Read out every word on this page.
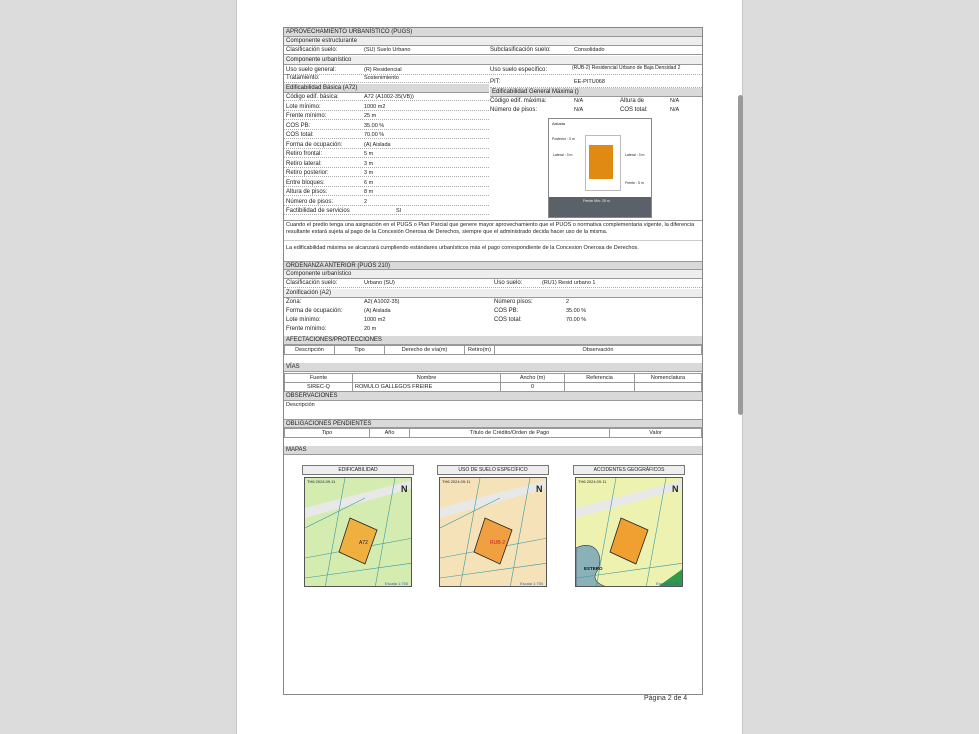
APROVECHAMIENTO URBANÍSTICO (PUGS)
Componente estructurante
Clasificación suelo:	(SU) Suelo Urbano	Subclasificación suelo:	Consolidado
Componente urbanístico
Uso suelo general:	(R) Residencial	Uso suelo específico:	(RUB-2) Residencial Urbano de Baja Densidad 2
Tratamiento:	Sostenimiento
PIT:	EE-PITU068
Edificabilidad Básica (A72)
Código edif. básica:	A72 (A1002-35(VB))
Lote mínimo:	1000 m2
Frente mínimo:	25 m
COS PB:	35.00 %
COS total:	70.00 %
Forma de ocupación:	(A) Aislada
Retiro frontal:	5 m
Retiro lateral:	3 m
Retiro posterior:	3 m
Entre bloques:	6 m
Altura de pisos:	8 m
Número de pisos:	2
Factibilidad de servicios	SI
Edificabilidad General Máxima ()
Código edif. máxima:	N/A	Altura de	N/A
Número de pisos:	N/A	COS total:	N/A
Aislada
Posterior : 3 m
Lateral : 3 m	Lateral : 3 m
Frente : 5 m
Frente Mín: 25 m
Cuando el predio tenga una asignación en el PUGS o Plan Parcial que genere mayor aprovechamiento que el PUOS o normativa complementaria vigente, la diferencia resultante estará sujeta al pago de la Concesión Onerosa de Derechos, siempre que el administrado decida hacer uso de la misma.
La edificabilidad máxima se alcanzará cumpliendo estándares urbanísticos más el pago correspondiente de la Concesion Onerosa de Derechos.
ORDENANZA ANTERIOR (PUOS 210)
Componente urbanístico
Clasificación suelo:	Urbano (SU)	Uso suelo:	(RU1) Resid urbano 1
Zonificación (A2)
Zona:	A2( A1002-35)	Número pisos:	2
Forma de ocupación:	(A) Aislada	COS PB:	35.00 %
Lote mínimo:	1000 m2	COS total:	70.00 %
Frente mínimo:	20 m
AFECTACIONES/PROTECCIONES
Descripción	Tipo	Derecho de vía(m)	Retiro(m)	Observación
VÍAS
Fuente	Nombre	Ancho (m)	Referencia	Nomenclatura
SIREC-Q	ROMULO GALLEGOS FREIRE	0		
OBSERVACIONES
Descripción
OBLIGACIONES PENDIENTES
Tipo	Año	Título de Crédito/Orden de Pago	Valor
MAPAS
EDIFICABILIDAD
A72
TH6 2024.09.11
N
Escala 1:750
USO DE SUELO ESPECÍFICO
RUB-2
TH6 2024.09.11
N
Escala 1:750
ACCIDENTES GEOGRÁFICOS
ESTERO
TH6 2024.09.11
N
Escala 1:750
Página 2 de 4
